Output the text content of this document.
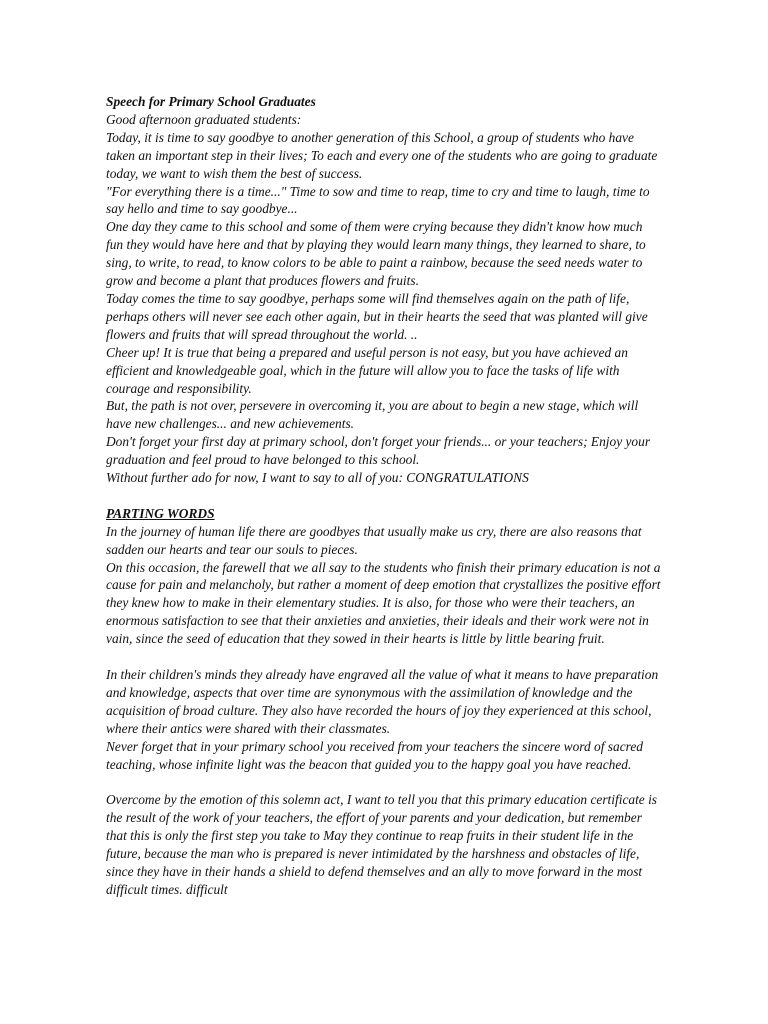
Speech for Primary School Graduates

Good afternoon graduated students:

Today, it is time to say goodbye to another generation of this School, a group of students who have taken an important step in their lives; To each and every one of the students who are going to graduate today, we want to wish them the best of success.

"For everything there is a time..." Time to sow and time to reap, time to cry and time to laugh, time to say hello and time to say goodbye...

One day they came to this school and some of them were crying because they didn't know how much fun they would have here and that by playing they would learn many things, they learned to share, to sing, to write, to read, to know colors to be able to paint a rainbow, because the seed needs water to grow and become a plant that produces flowers and fruits.

Today comes the time to say goodbye, perhaps some will find themselves again on the path of life, perhaps others will never see each other again, but in their hearts the seed that was planted will give flowers and fruits that will spread throughout the world. ..

Cheer up! It is true that being a prepared and useful person is not easy, but you have achieved an efficient and knowledgeable goal, which in the future will allow you to face the tasks of life with courage and responsibility.

But, the path is not over, persevere in overcoming it, you are about to begin a new stage, which will have new challenges... and new achievements.

Don't forget your first day at primary school, don't forget your friends... or your teachers; Enjoy your graduation and feel proud to have belonged to this school.

Without further ado for now, I want to say to all of you: CONGRATULATIONS

PARTING WORDS

In the journey of human life there are goodbyes that usually make us cry, there are also reasons that sadden our hearts and tear our souls to pieces.

On this occasion, the farewell that we all say to the students who finish their primary education is not a cause for pain and melancholy, but rather a moment of deep emotion that crystallizes the positive effort they knew how to make in their elementary studies. It is also, for those who were their teachers, an enormous satisfaction to see that their anxieties and anxieties, their ideals and their work were not in vain, since the seed of education that they sowed in their hearts is little by little bearing fruit.

In their children's minds they already have engraved all the value of what it means to have preparation and knowledge, aspects that over time are synonymous with the assimilation of knowledge and the acquisition of broad culture. They also have recorded the hours of joy they experienced at this school, where their antics were shared with their classmates.

Never forget that in your primary school you received from your teachers the sincere word of sacred teaching, whose infinite light was the beacon that guided you to the happy goal you have reached.

Overcome by the emotion of this solemn act, I want to tell you that this primary education certificate is the result of the work of your teachers, the effort of your parents and your dedication, but remember that this is only the first step you take to May they continue to reap fruits in their student life in the future, because the man who is prepared is never intimidated by the harshness and obstacles of life, since they have in their hands a shield to defend themselves and an ally to move forward in the most difficult times. difficult
